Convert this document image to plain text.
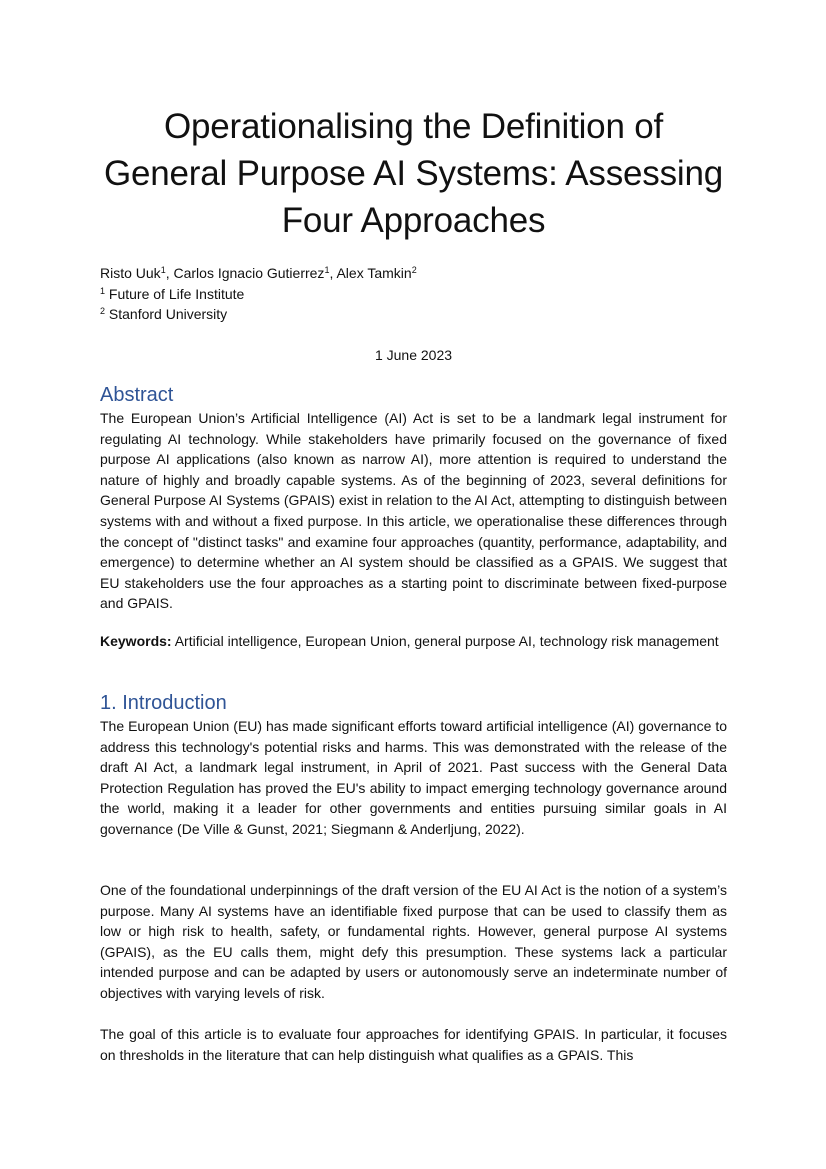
Operationalising the Definition of General Purpose AI Systems: Assessing Four Approaches

Risto Uuk$^1$, Carlos Ignacio Gutierrez$^1$, Alex Tamkin$^2$

$^1$ Future of Life Institute

$^2$ Stanford University

1 June 2023
Abstract

The European Union’s Artificial Intelligence (AI) Act is set to be a landmark legal instrument for regulating AI technology. While stakeholders have primarily focused on the governance of fixed purpose AI applications (also known as narrow AI), more attention is required to understand the nature of highly and broadly capable systems. As of the beginning of 2023, several definitions for General Purpose AI Systems (GPAIS) exist in relation to the AI Act, attempting to distinguish between systems with and without a fixed purpose. In this article, we operationalise these differences through the concept of "distinct tasks" and examine four approaches (quantity, performance, adaptability, and emergence) to determine whether an AI system should be classified as a GPAIS. We suggest that EU stakeholders use the four approaches as a starting point to discriminate between fixed-purpose and GPAIS.

Keywords: Artificial intelligence, European Union, general purpose AI, technology risk management

1. Introduction

The European Union (EU) has made significant efforts toward artificial intelligence (AI) governance to address this technology's potential risks and harms. This was demonstrated with the release of the draft AI Act, a landmark legal instrument, in April of 2021. Past success with the General Data Protection Regulation has proved the EU's ability to impact emerging technology governance around the world, making it a leader for other governments and entities pursuing similar goals in AI governance (De Ville & Gunst, 2021; Siegmann & Anderljung, 2022).

One of the foundational underpinnings of the draft version of the EU AI Act is the notion of a system’s purpose. Many AI systems have an identifiable fixed purpose that can be used to classify them as low or high risk to health, safety, or fundamental rights. However, general purpose AI systems (GPAIS), as the EU calls them, might defy this presumption. These systems lack a particular intended purpose and can be adapted by users or autonomously serve an indeterminate number of objectives with varying levels of risk.

The goal of this article is to evaluate four approaches for identifying GPAIS. In particular, it focuses on thresholds in the literature that can help distinguish what qualifies as a GPAIS. This
